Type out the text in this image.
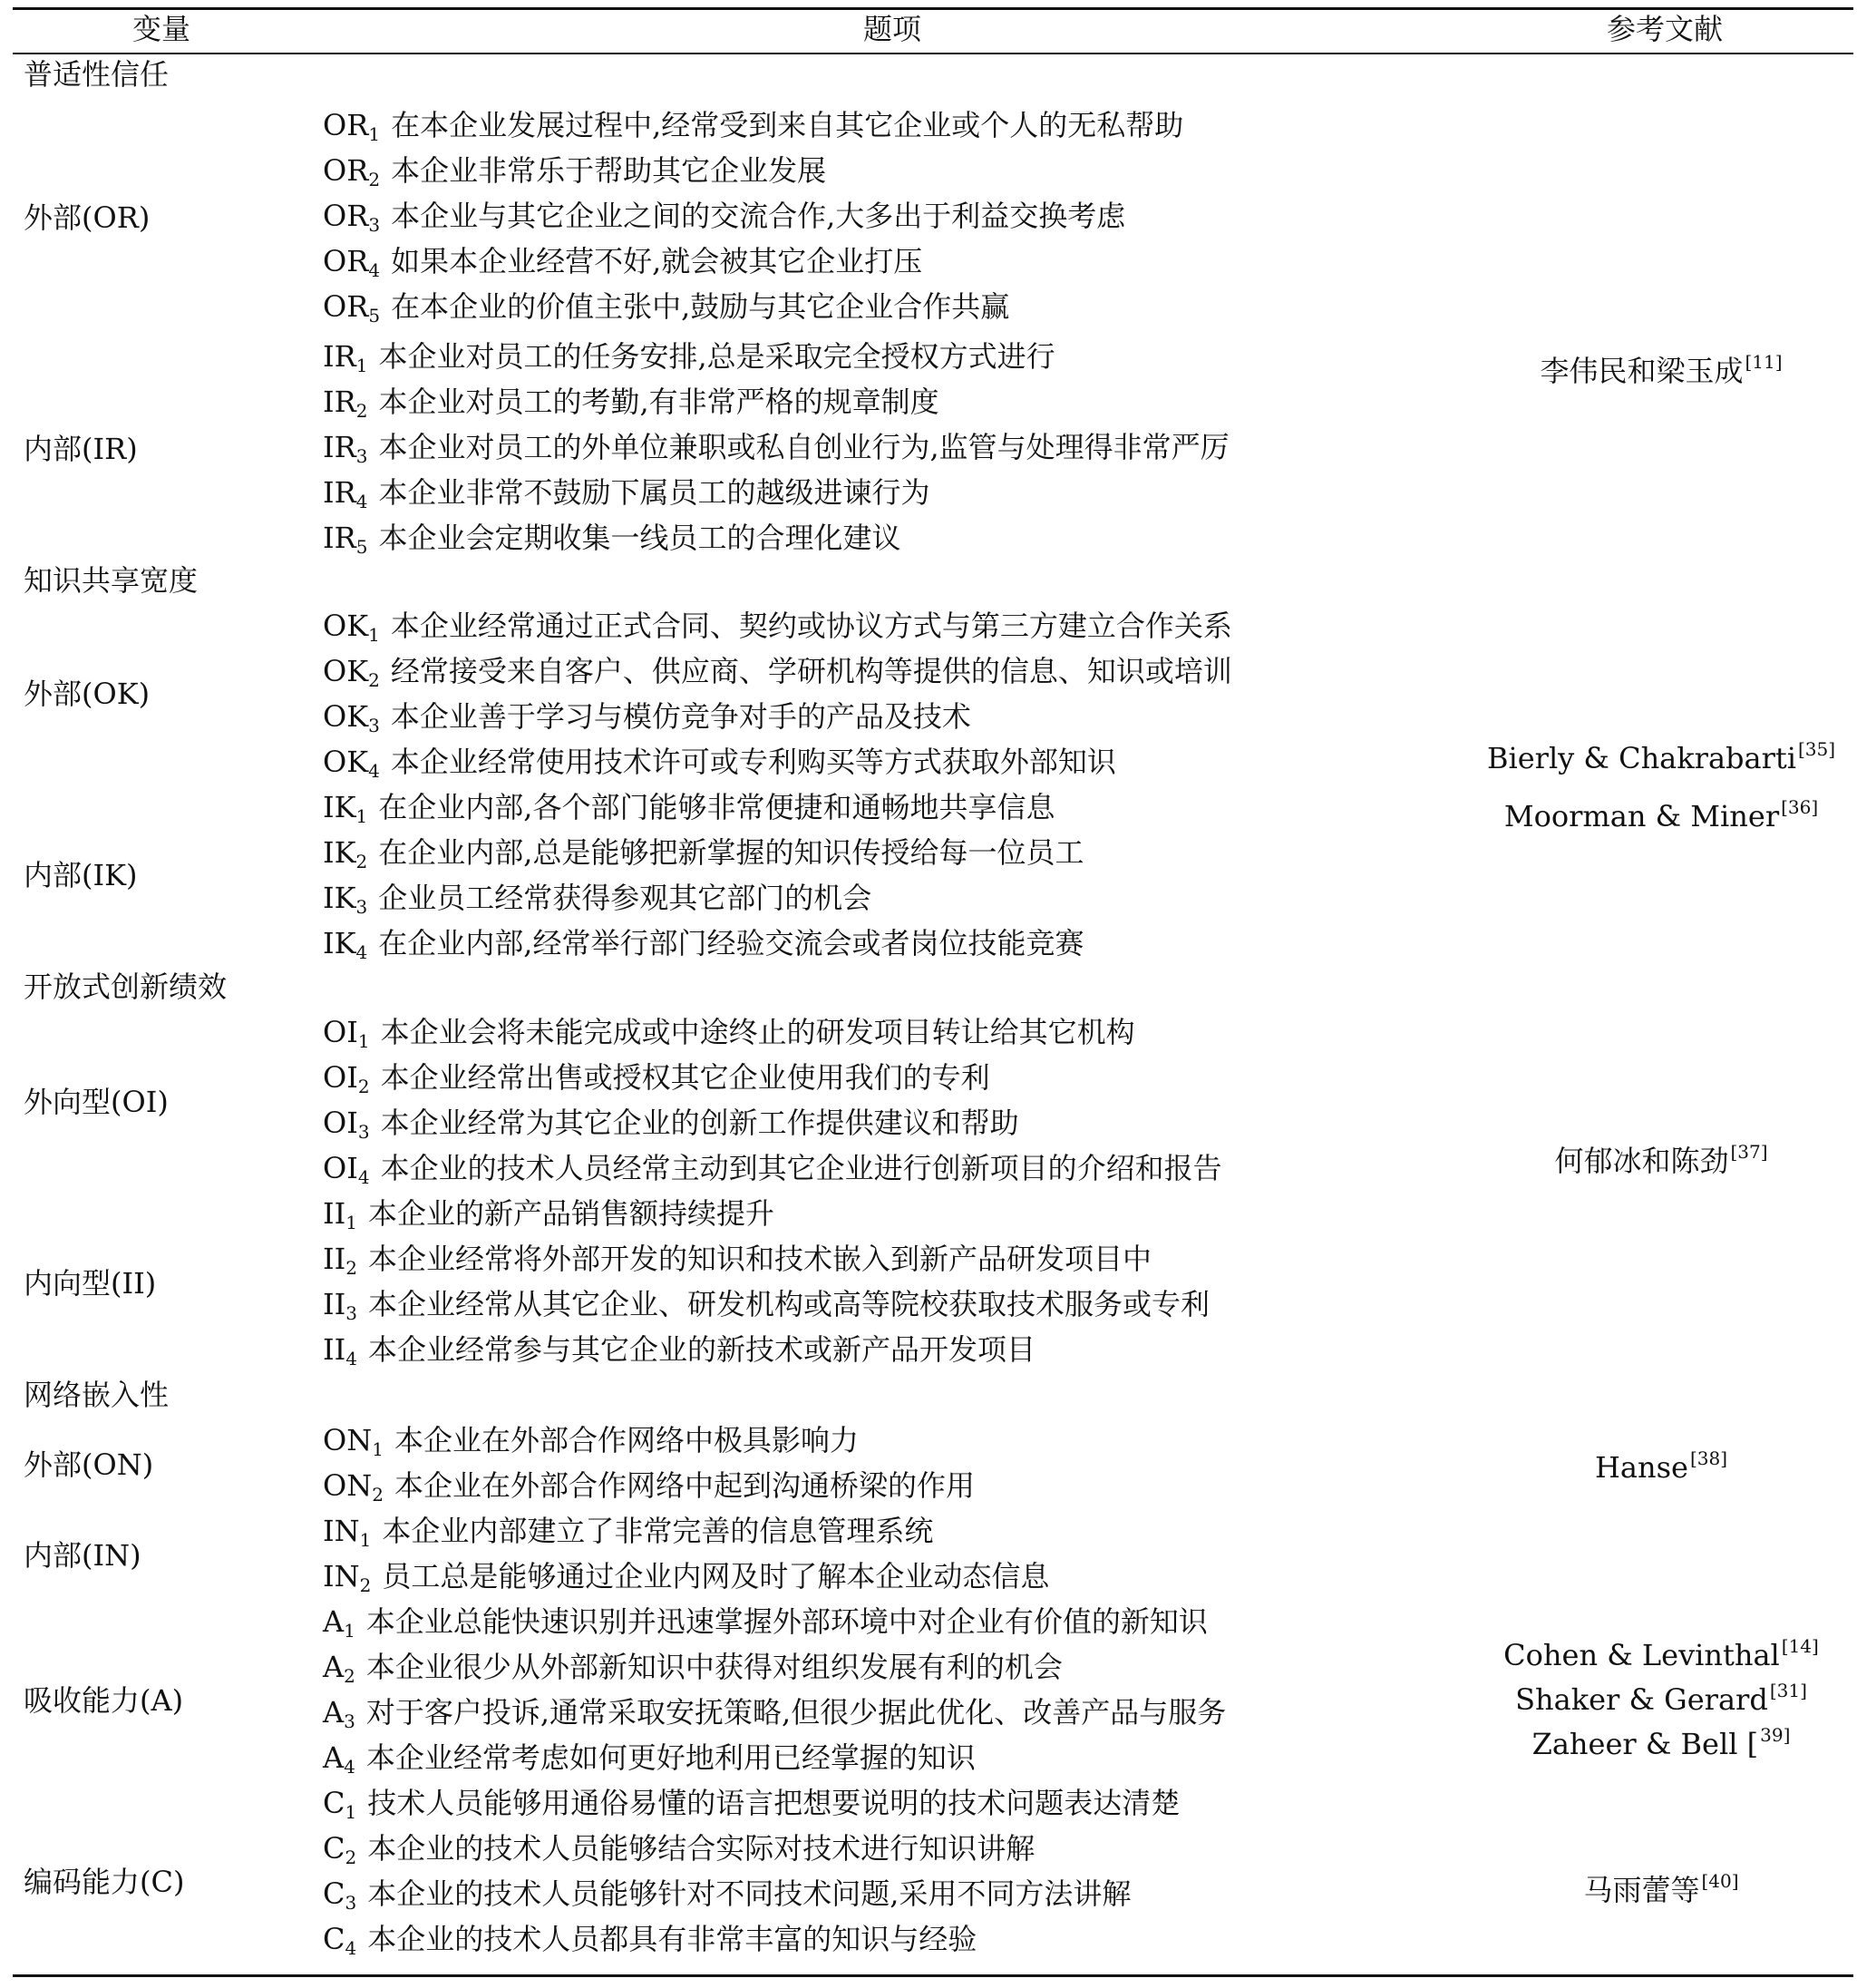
变量	题项	参考文献
普适性信任
知识共享宽度
开放式创新绩效
网络嵌入性
外部(OR)
内部(IR)
外部(OK)
内部(IK)
外向型(OI)
内向型(II)
外部(ON)
内部(IN)
吸收能力(A)
编码能力(C)
$OR_1$ 在本企业发展过程中,经常受到来自其它企业或个人的无私帮助
$OR_2$ 本企业非常乐于帮助其它企业发展
$OR_3$ 本企业与其它企业之间的交流合作,大多出于利益交换考虑
$OR_4$ 如果本企业经营不好,就会被其它企业打压
$OR_5$ 在本企业的价值主张中,鼓励与其它企业合作共赢
$IR_1$ 本企业对员工的任务安排,总是采取完全授权方式进行
$IR_2$ 本企业对员工的考勤,有非常严格的规章制度
$IR_3$ 本企业对员工的外单位兼职或私自创业行为,监管与处理得非常严厉
$IR_4$ 本企业非常不鼓励下属员工的越级进谏行为
$IR_5$ 本企业会定期收集一线员工的合理化建议
$OK_1$ 本企业经常通过正式合同、契约或协议方式与第三方建立合作关系
$OK_2$ 经常接受来自客户、供应商、学研机构等提供的信息、知识或培训
$OK_3$ 本企业善于学习与模仿竞争对手的产品及技术
$OK_4$ 本企业经常使用技术许可或专利购买等方式获取外部知识
$IK_1$ 在企业内部,各个部门能够非常便捷和通畅地共享信息
$IK_2$ 在企业内部,总是能够把新掌握的知识传授给每一位员工
$IK_3$ 企业员工经常获得参观其它部门的机会
$IK_4$ 在企业内部,经常举行部门经验交流会或者岗位技能竞赛
$OI_1$ 本企业会将未能完成或中途终止的研发项目转让给其它机构
$OI_2$ 本企业经常出售或授权其它企业使用我们的专利
$OI_3$ 本企业经常为其它企业的创新工作提供建议和帮助
$OI_4$ 本企业的技术人员经常主动到其它企业进行创新项目的介绍和报告
$II_1$ 本企业的新产品销售额持续提升
$II_2$ 本企业经常将外部开发的知识和技术嵌入到新产品研发项目中
$II_3$ 本企业经常从其它企业、研发机构或高等院校获取技术服务或专利
$II_4$ 本企业经常参与其它企业的新技术或新产品开发项目
$ON_1$ 本企业在外部合作网络中极具影响力
$ON_2$ 本企业在外部合作网络中起到沟通桥梁的作用
$IN_1$ 本企业内部建立了非常完善的信息管理系统
$IN_2$ 员工总是能够通过企业内网及时了解本企业动态信息
$A_1$ 本企业总能快速识别并迅速掌握外部环境中对企业有价值的新知识
$A_2$ 本企业很少从外部新知识中获得对组织发展有利的机会
$A_3$ 对于客户投诉,通常采取安抚策略,但很少据此优化、改善产品与服务
$A_4$ 本企业经常考虑如何更好地利用已经掌握的知识
$C_1$ 技术人员能够用通俗易懂的语言把想要说明的技术问题表达清楚
$C_2$ 本企业的技术人员能够结合实际对技术进行知识讲解
$C_3$ 本企业的技术人员能够针对不同技术问题,采用不同方法讲解
$C_4$ 本企业的技术人员都具有非常丰富的知识与经验
李伟民和梁玉成 [11]
Bierly & Chakrabarti [35]
Moorman & Miner [36]
何郁冰和陈劲 [37]
Hanse [38]
Cohen & Levinthal [14]
Shaker & Gerard [31]
Zaheer & Bell [ $^{39]}$
马雨蕾等 [40]
